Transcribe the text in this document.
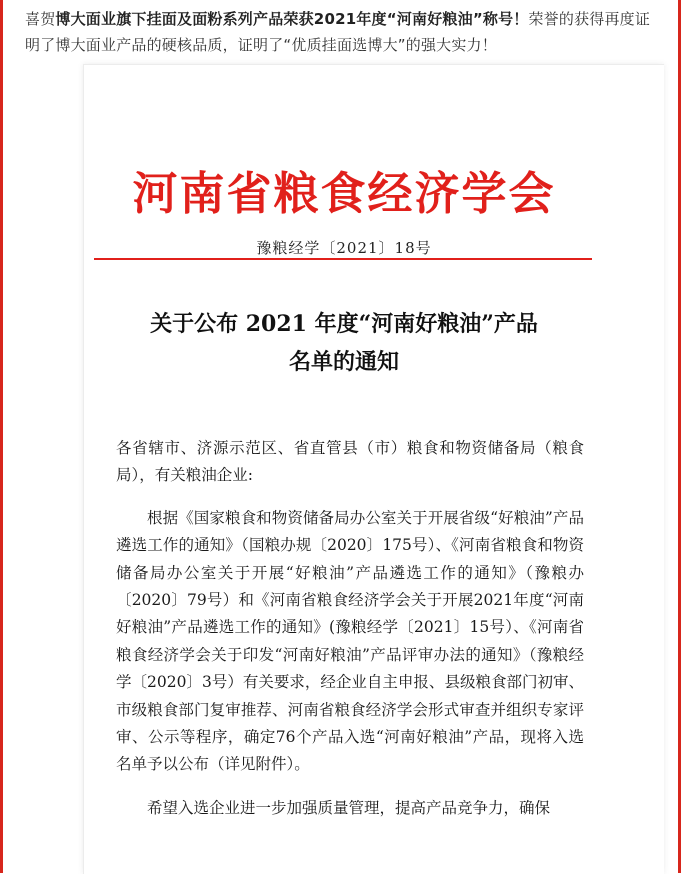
喜贺博大面业旗下挂面及面粉系列产品荣获2021年度“河南好粮油”称号！荣誉的获得再度证明了博大面业产品的硬核品质，证明了“优质挂面选博大”的强大实力！
河南省粮食经济学会
豫粮经学〔2021〕18号
关于公布 2021 年度“河南好粮油”产品
名单的通知

各省辖市、济源示范区、省直管县（市）粮食和物资储备局（粮食局），有关粮油企业:

根据《国家粮食和物资储备局办公室关于开展省级“好粮油”产品遴选工作的通知》（国粮办规〔2020〕175号）、《河南省粮食和物资储备局办公室关于开展“好粮油”产品遴选工作的通知》（豫粮办〔2020〕79号）和《河南省粮食经济学会关于开展2021年度“河南好粮油”产品遴选工作的通知》(豫粮经学〔2021〕15号）、《河南省粮食经济学会关于印发“河南好粮油”产品评审办法的通知》（豫粮经学〔2020〕3号）有关要求，经企业自主申报、县级粮食部门初审、市级粮食部门复审推荐、河南省粮食经济学会形式审查并组织专家评审、公示等程序，确定76个产品入选“河南好粮油”产品，现将入选名单予以公布（详见附件）。

希望入选企业进一步加强质量管理，提高产品竞争力，确保
